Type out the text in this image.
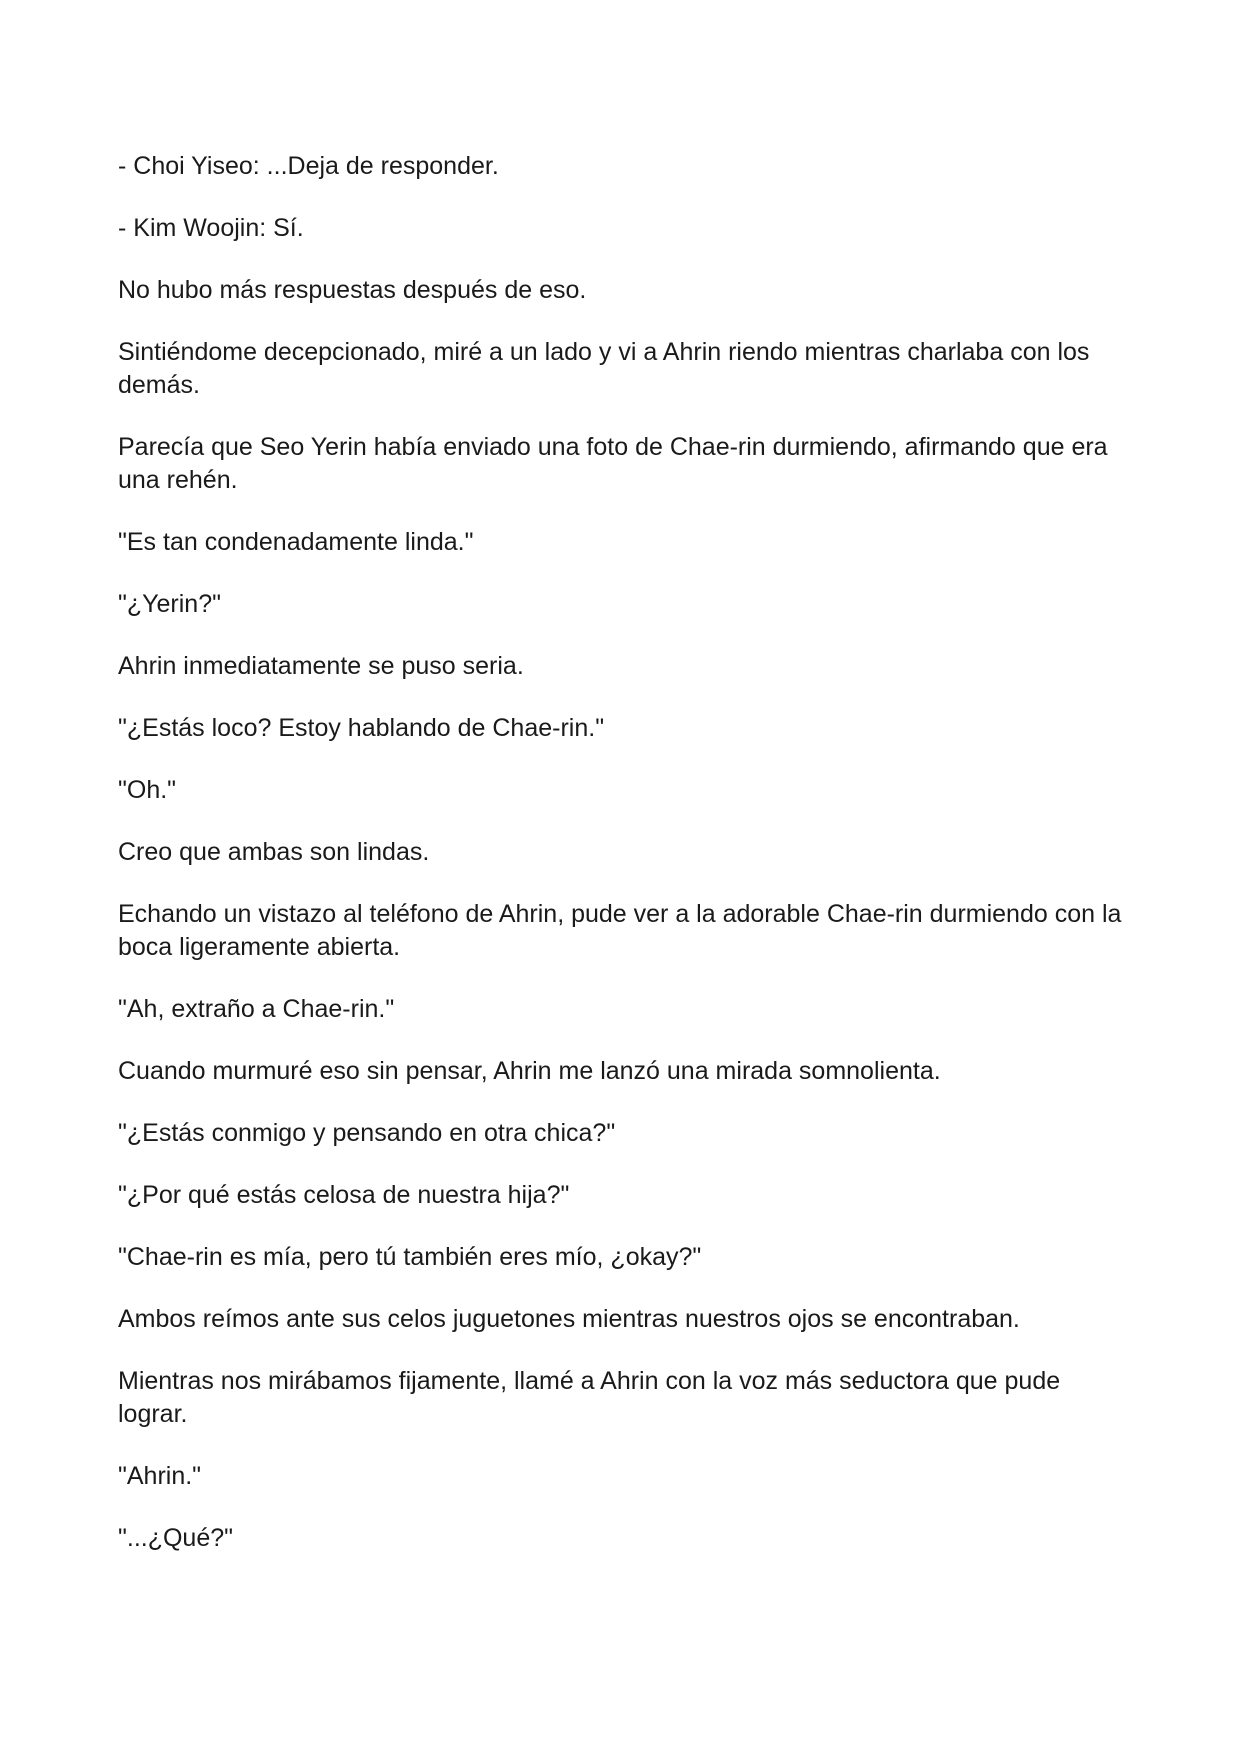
- Choi Yiseo: ...Deja de responder.

- Kim Woojin: Sí.

No hubo más respuestas después de eso.

Sintiéndome decepcionado, miré a un lado y vi a Ahrin riendo mientras charlaba con los demás.

Parecía que Seo Yerin había enviado una foto de Chae-rin durmiendo, afirmando que era una rehén.

"Es tan condenadamente linda."

"¿Yerin?"

Ahrin inmediatamente se puso seria.

"¿Estás loco? Estoy hablando de Chae-rin."

"Oh."

Creo que ambas son lindas.

Echando un vistazo al teléfono de Ahrin, pude ver a la adorable Chae-rin durmiendo con la boca ligeramente abierta.

"Ah, extraño a Chae-rin."

Cuando murmuré eso sin pensar, Ahrin me lanzó una mirada somnolienta.

"¿Estás conmigo y pensando en otra chica?"

"¿Por qué estás celosa de nuestra hija?"

"Chae-rin es mía, pero tú también eres mío, ¿okay?"

Ambos reímos ante sus celos juguetones mientras nuestros ojos se encontraban.

Mientras nos mirábamos fijamente, llamé a Ahrin con la voz más seductora que pude lograr.

"Ahrin."

"...¿Qué?"
